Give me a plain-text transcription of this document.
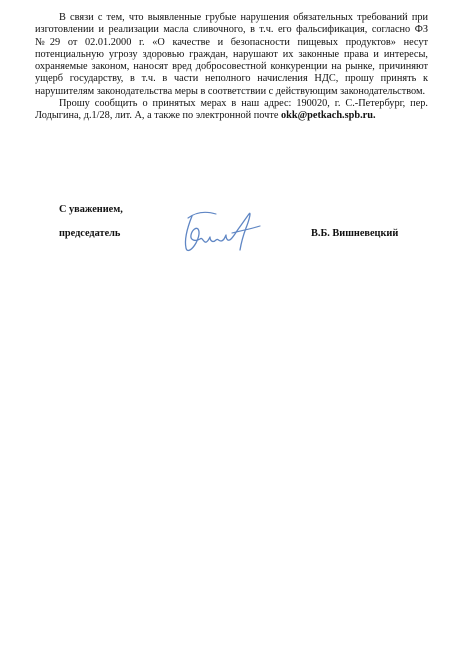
В связи с тем, что выявленные грубые нарушения обязательных требований при изготовлении и реализации масла сливочного, в т.ч. его фальсификация, согласно ФЗ №29 от 02.01.2000 г. «О качестве и безопасности пищевых продуктов» несут потенциальную угрозу здоровью граждан, нарушают их законные права и интересы, охраняемые законом, наносят вред добросовестной конкуренции на рынке, причиняют ущерб государству, в т.ч. в части неполного начисления НДС, прошу принять к нарушителям законодательства меры в соответствии с действующим законодательством.

Прошу сообщить о принятых мерах в наш адрес: 190020, г. С.-Петербург, пер. Лодыгина, д.1/28, лит. А, а также по электронной почте okk@petkach.spb.ru.

С уважением,
председатель	В.Б. Вишневецкий
